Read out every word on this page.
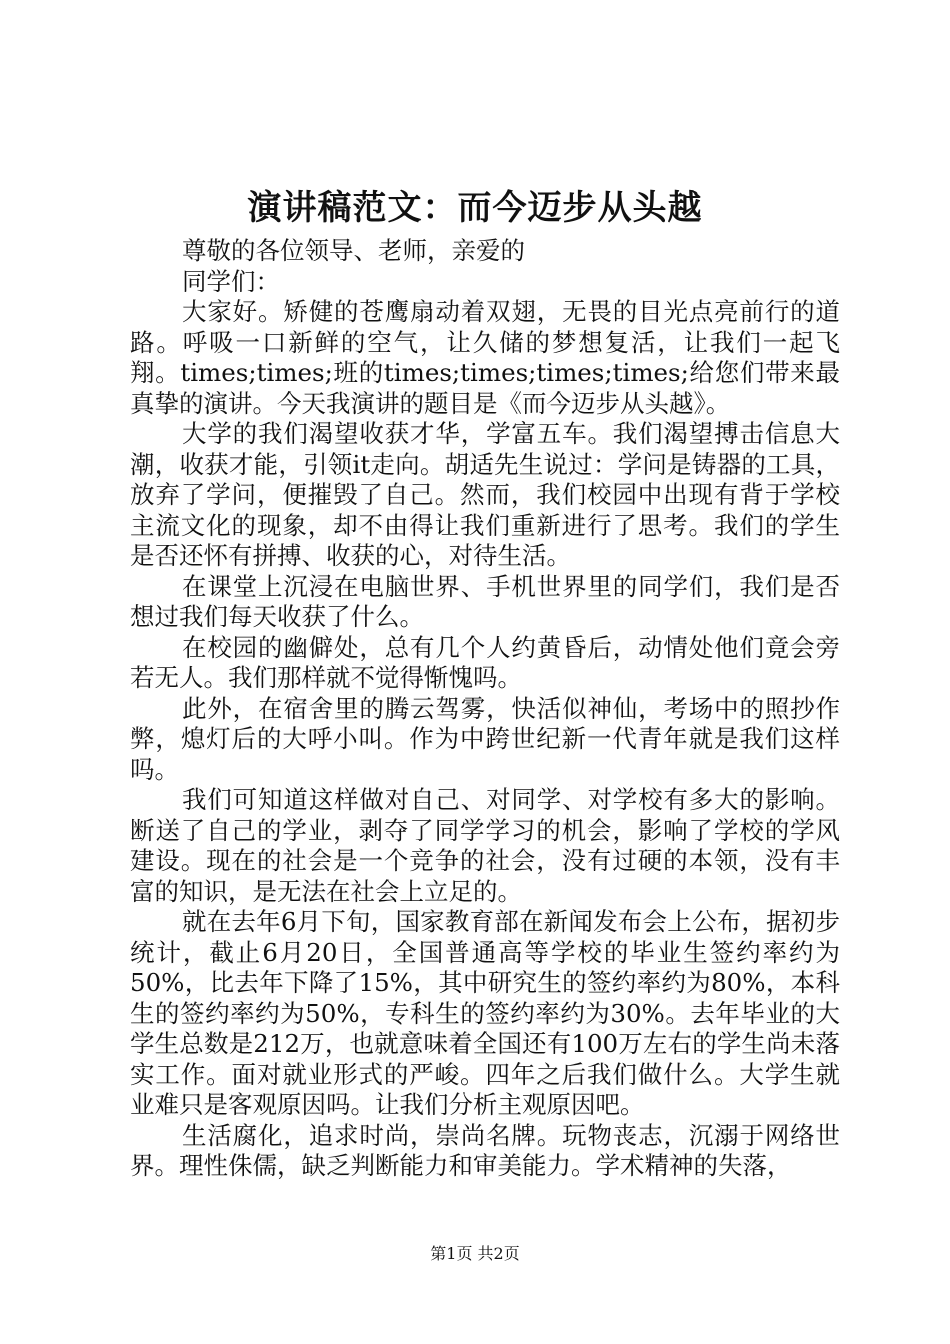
演讲稿范文：而今迈步从头越

尊敬的各位领导、老师，亲爱的

同学们：

大家好。矫健的苍鹰扇动着双翅，无畏的目光点亮前行的道路。呼吸一口新鲜的空气，让久储的梦想复活，让我们一起飞翔。times;times;班的times;times;times;times;给您们带来最真挚的演讲。今天我演讲的题目是《而今迈步从头越》。

大学的我们渴望收获才华，学富五车。我们渴望搏击信息大潮，收获才能，引领it走向。胡适先生说过：学问是铸器的工具，放弃了学问，便摧毁了自己。然而，我们校园中出现有背于学校主流文化的现象，却不由得让我们重新进行了思考。我们的学生是否还怀有拼搏、收获的心，对待生活。

在课堂上沉浸在电脑世界、手机世界里的同学们，我们是否想过我们每天收获了什么。

在校园的幽僻处，总有几个人约黄昏后，动情处他们竟会旁若无人。我们那样就不觉得惭愧吗。

此外，在宿舍里的腾云驾雾，快活似神仙，考场中的照抄作弊，熄灯后的大呼小叫。作为中跨世纪新一代青年就是我们这样吗。

我们可知道这样做对自己、对同学、对学校有多大的影响。断送了自己的学业，剥夺了同学学习的机会，影响了学校的学风建设。现在的社会是一个竞争的社会，没有过硬的本领，没有丰富的知识，是无法在社会上立足的。

就在去年6月下旬，国家教育部在新闻发布会上公布，据初步统计，截止6月20日，全国普通高等学校的毕业生签约率约为50%，比去年下降了15%，其中研究生的签约率约为80%，本科生的签约率约为50%，专科生的签约率约为30%。去年毕业的大学生总数是212万，也就意味着全国还有100万左右的学生尚未落实工作。面对就业形式的严峻。四年之后我们做什么。大学生就业难只是客观原因吗。让我们分析主观原因吧。

生活腐化，追求时尚，崇尚名牌。玩物丧志，沉溺于网络世界。理性侏儒，缺乏判断能力和审美能力。学术精神的失落，

第1页 共2页
